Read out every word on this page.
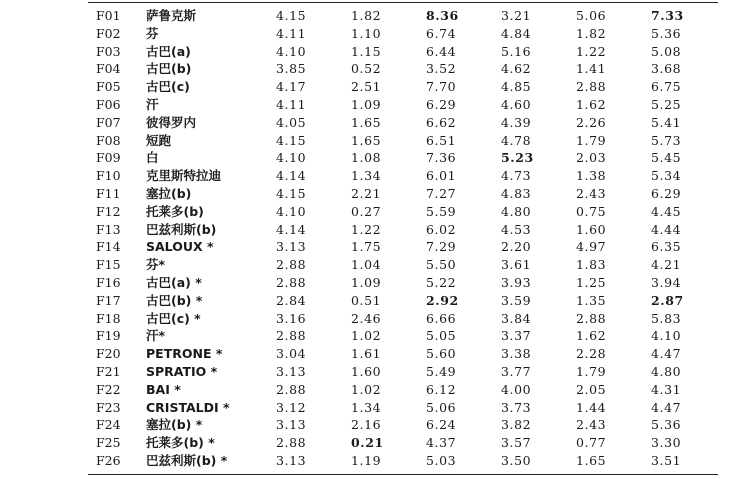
F01	萨鲁克斯	4.15	1.82	8.36	3.21	5.06	7.33
F02	芬	4.11	1.10	6.74	4.84	1.82	5.36
F03	古巴(a)	4.10	1.15	6.44	5.16	1.22	5.08
F04	古巴(b)	3.85	0.52	3.52	4.62	1.41	3.68
F05	古巴(c)	4.17	2.51	7.70	4.85	2.88	6.75
F06	汗	4.11	1.09	6.29	4.60	1.62	5.25
F07	彼得罗内	4.05	1.65	6.62	4.39	2.26	5.41
F08	短跑	4.15	1.65	6.51	4.78	1.79	5.73
F09	白	4.10	1.08	7.36	5.23	2.03	5.45
F10	克里斯特拉迪	4.14	1.34	6.01	4.73	1.38	5.34
F11	塞拉(b)	4.15	2.21	7.27	4.83	2.43	6.29
F12	托莱多(b)	4.10	0.27	5.59	4.80	0.75	4.45
F13	巴兹利斯(b)	4.14	1.22	6.02	4.53	1.60	4.44
F14	SALOUX *	3.13	1.75	7.29	2.20	4.97	6.35
F15	芬*	2.88	1.04	5.50	3.61	1.83	4.21
F16	古巴(a) *	2.88	1.09	5.22	3.93	1.25	3.94
F17	古巴(b) *	2.84	0.51	2.92	3.59	1.35	2.87
F18	古巴(c) *	3.16	2.46	6.66	3.84	2.88	5.83
F19	汗*	2.88	1.02	5.05	3.37	1.62	4.10
F20	PETRONE *	3.04	1.61	5.60	3.38	2.28	4.47
F21	SPRATIO *	3.13	1.60	5.49	3.77	1.79	4.80
F22	BAI *	2.88	1.02	6.12	4.00	2.05	4.31
F23	CRISTALDI *	3.12	1.34	5.06	3.73	1.44	4.47
F24	塞拉(b) *	3.13	2.16	6.24	3.82	2.43	5.36
F25	托莱多(b) *	2.88	0.21	4.37	3.57	0.77	3.30
F26	巴兹利斯(b) *	3.13	1.19	5.03	3.50	1.65	3.51
